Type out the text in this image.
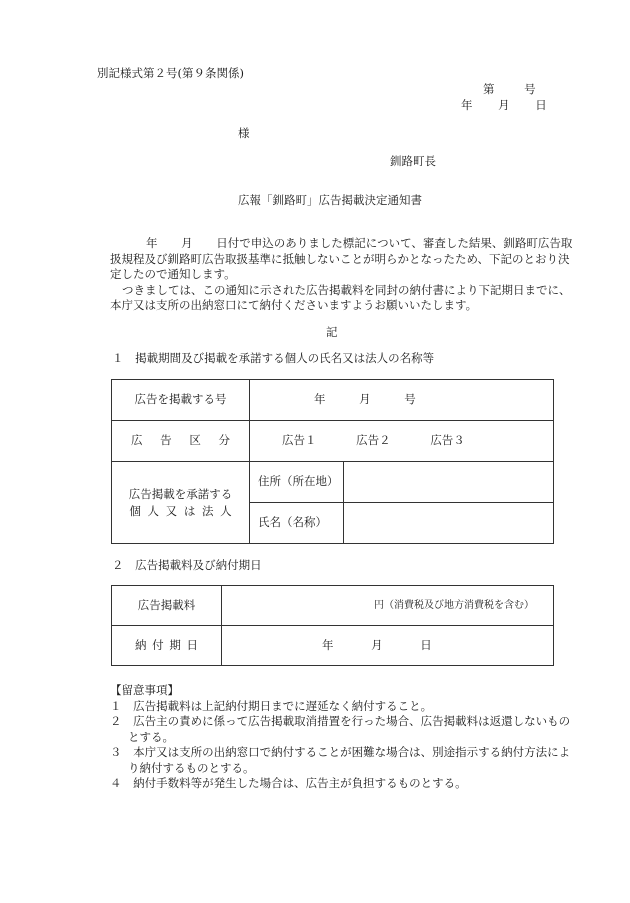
別記様式第２号(第９条関係)
第 号
年 月 日
様
釧路町長
広報「釧路町」広告掲載決定通知書

年 月 日付で申込のありました標記について、審査した結果、釧路町広告取扱規程及び釧路町広告取扱基準に抵触しないことが明らかとなったため、下記のとおり決定したので通知します。

つきましては、この通知に示された広告掲載料を同封の納付書により下記期日までに、本庁又は支所の出納窓口にて納付くださいますようお願いいたします。

記
１ 掲載期間及び掲載を承諾する個人の氏名又は法人の名称等
広告を掲載する号	年 月 号	
広 告 区 分	広告１ 広告２ 広告３	

広告掲載を承諾する
個 人 又 は 法 人	住所（所在地）	
	氏名（名称）	
２ 広告掲載料及び納付期日
広告掲載料	円（消費税及び地方消費税を含む）
納 付 期 日	年 月 日

【留意事項】

１ 広告掲載料は上記納付期日までに遅延なく納付すること。

２ 広告主の責めに係って広告掲載取消措置を行った場合、広告掲載料は返還しないものとする。

３ 本庁又は支所の出納窓口で納付することが困難な場合は、別途指示する納付方法により納付するものとする。

４ 納付手数料等が発生した場合は、広告主が負担するものとする。
